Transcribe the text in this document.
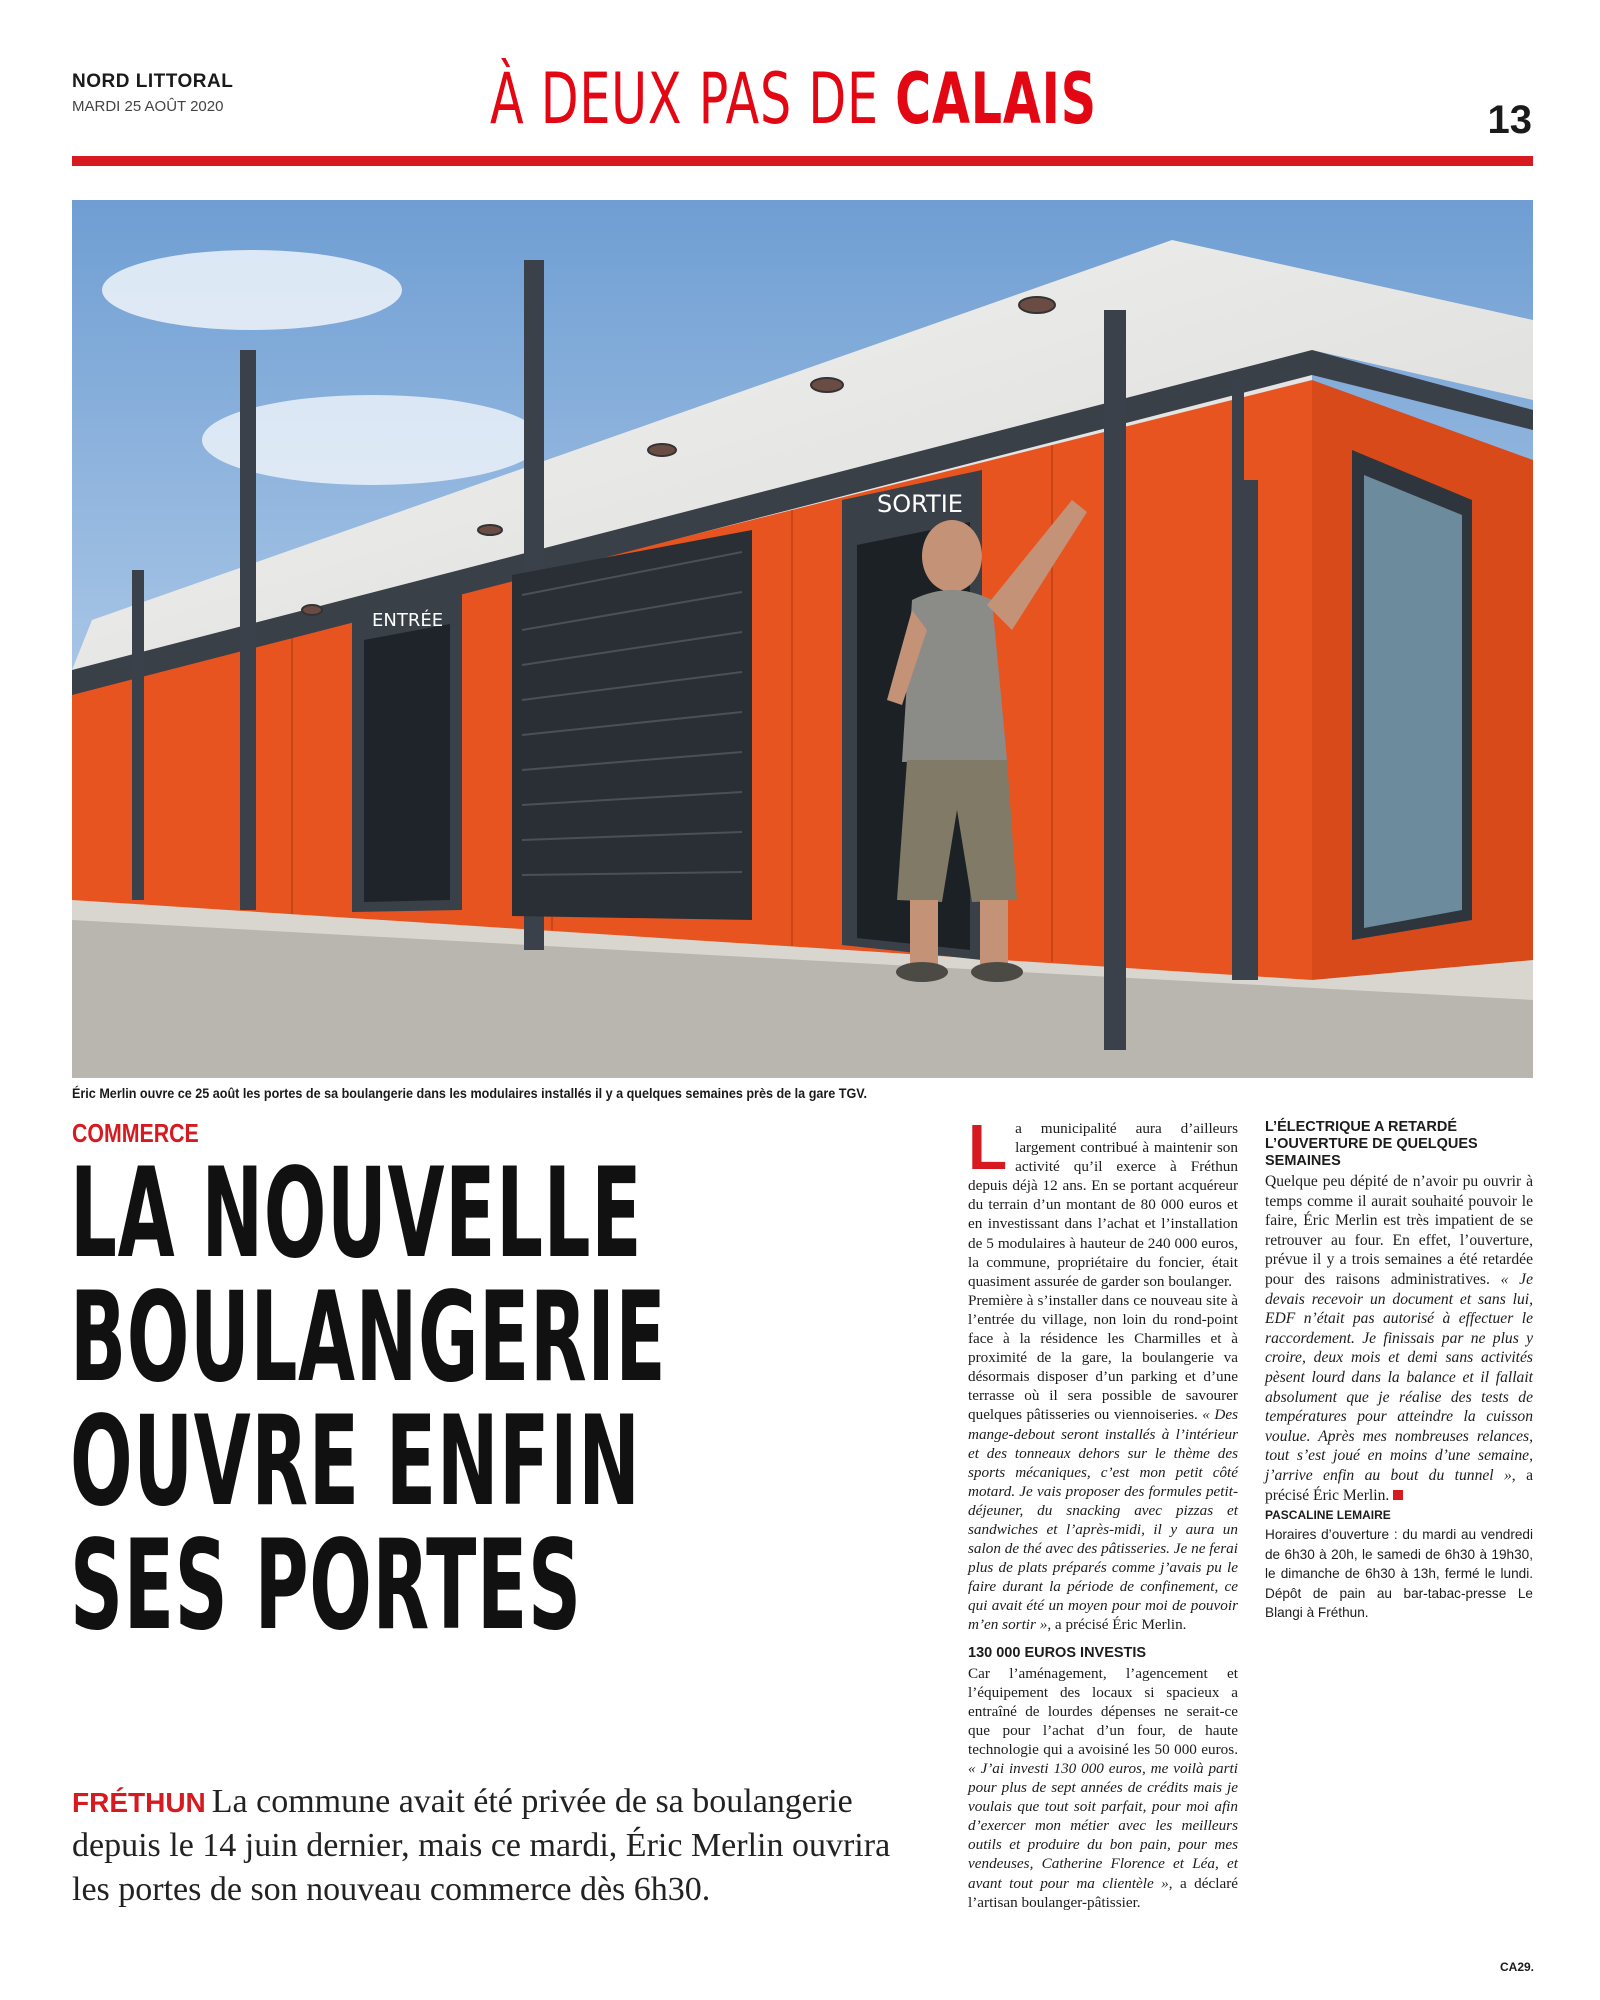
NORD LITTORAL
MARDI 25 AOÛT 2020	À DEUX PAS DE CALAIS	13
ENTRÉE
SORTIE
Éric Merlin ouvre ce 25 août les portes de sa boulangerie dans les modulaires installés il y a quelques semaines près de la gare TGV.
COMMERCE
LA NOUVELLE
BOULANGERIE
OUVRE ENFIN
SES PORTES
FRÉTHUN La commune avait été privée de sa boulangerie depuis le 14 juin dernier, mais ce mardi, Éric Merlin ouvrira les portes de son nouveau commerce dès 6h30.

La municipalité aura d’ailleurs largement contribué à maintenir son activité qu’il exerce à Fréthun depuis déjà 12 ans. En se portant acquéreur du terrain d’un montant de 80 000 euros et en investissant dans l’achat et l’installation de 5 modulaires à hauteur de 240 000 euros, la commune, propriétaire du foncier, était quasiment assurée de garder son boulanger.

Première à s’installer dans ce nouveau site à l’entrée du village, non loin du rond-point face à la résidence les Charmilles et à proximité de la gare, la boulangerie va désormais disposer d’un parking et d’une terrasse où il sera possible de savourer quelques pâtisseries ou viennoiseries. « Des mange-debout seront installés à l’intérieur et des tonneaux dehors sur le thème des sports mécaniques, c’est mon petit côté motard. Je vais proposer des formules petit-déjeuner, du snacking avec pizzas et sandwiches et l’après-midi, il y aura un salon de thé avec des pâtisseries. Je ne ferai plus de plats préparés comme j’avais pu le faire durant la période de confinement, ce qui avait été un moyen pour moi de pouvoir m’en sortir », a précisé Éric Merlin.

130 000 EUROS INVESTIS

Car l’aménagement, l’agencement et l’équipement des locaux si spacieux a entraîné de lourdes dépenses ne serait-ce que pour l’achat d’un four, de haute technologie qui a avoisiné les 50 000 euros. « J’ai investi 130 000 euros, me voilà parti pour plus de sept années de crédits mais je voulais que tout soit parfait, pour moi afin d’exercer mon métier avec les meilleurs outils et produire du bon pain, pour mes vendeuses, Catherine Florence et Léa, et avant tout pour ma clientèle », a déclaré l’artisan boulanger-pâtissier.

L’ÉLECTRIQUE A RETARDÉ L’OUVERTURE DE QUELQUES SEMAINES

Quelque peu dépité de n’avoir pu ouvrir à temps comme il aurait souhaité pouvoir le faire, Éric Merlin est très impatient de se retrouver au four. En effet, l’ouverture, prévue il y a trois semaines a été retardée pour des raisons administratives. « Je devais recevoir un document et sans lui, EDF n’était pas autorisé à effectuer le raccordement. Je finissais par ne plus y croire, deux mois et demi sans activités pèsent lourd dans la balance et il fallait absolument que je réalise des tests de températures pour atteindre la cuisson voulue. Après mes nombreuses relances, tout s’est joué en moins d’une semaine, j’arrive enfin au bout du tunnel », a précisé Éric Merlin.

PASCALINE LEMAIRE
Horaires d’ouverture : du mardi au vendredi de 6h30 à 20h, le samedi de 6h30 à 19h30, le dimanche de 6h30 à 13h, fermé le lundi. Dépôt de pain au bar-tabac-presse Le Blangi à Fréthun.
CA29.
